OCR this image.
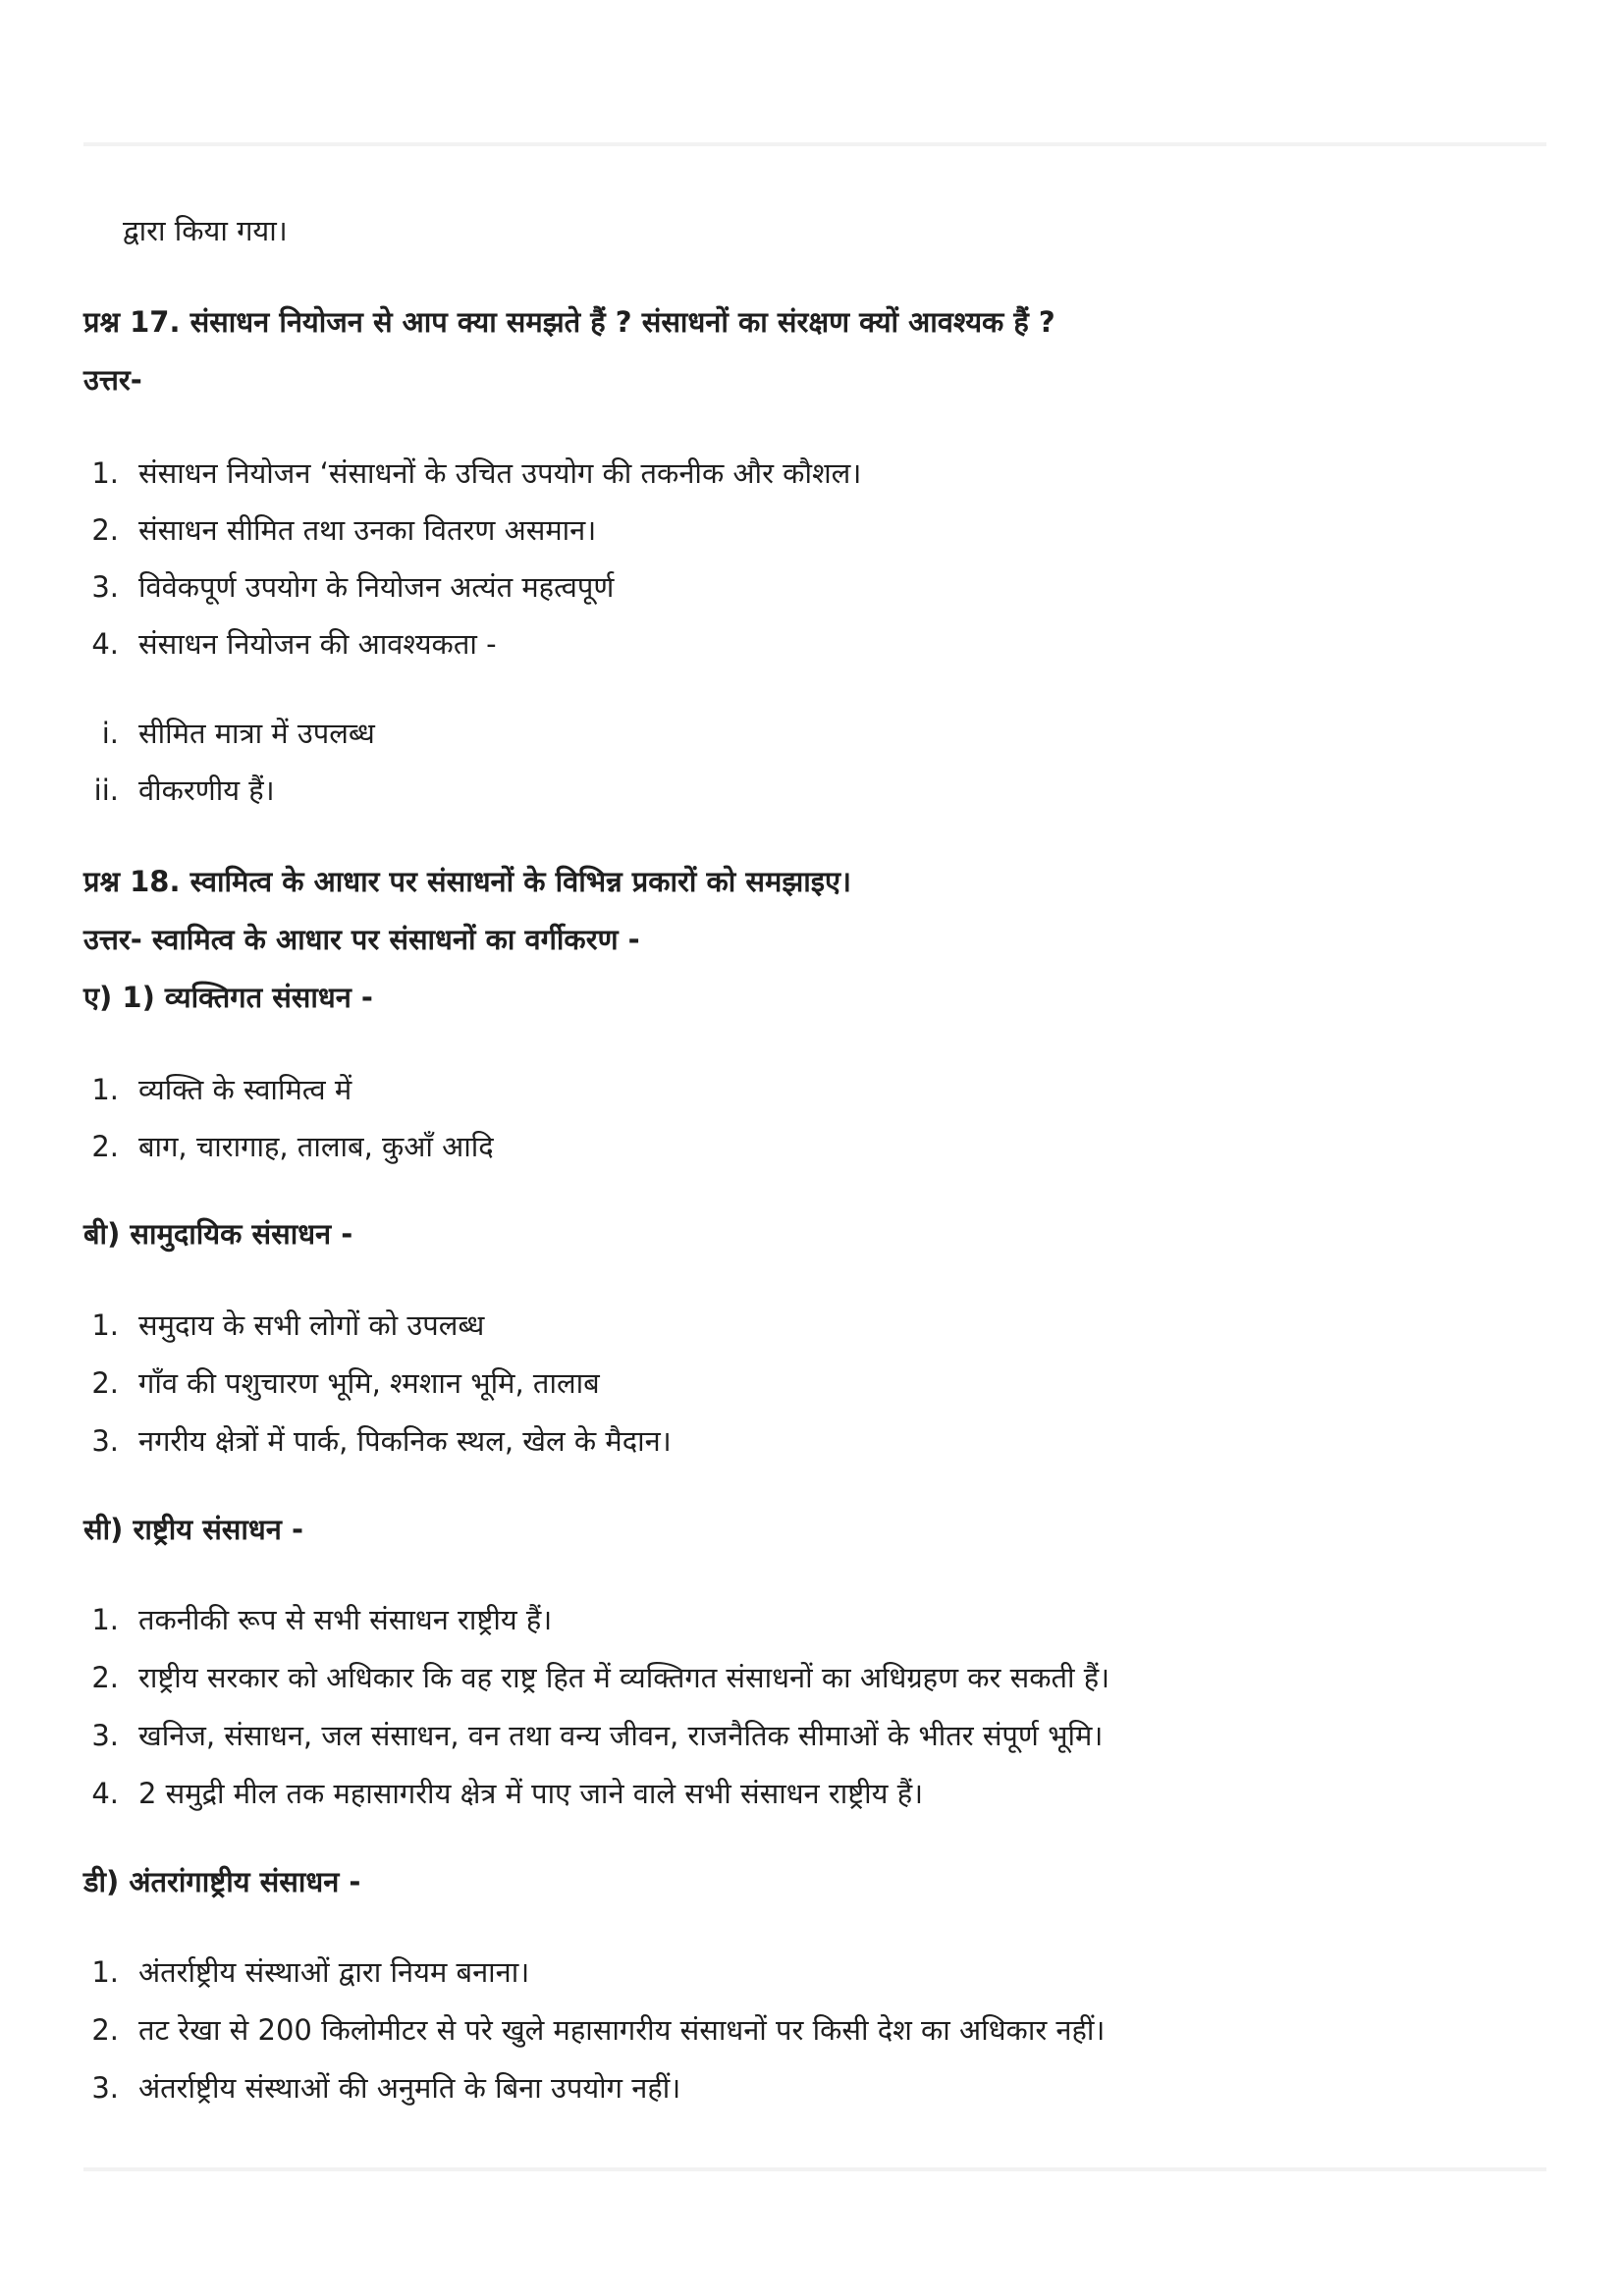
द्वारा किया गया।
प्रश्न 17. संसाधन नियोजन से आप क्या समझते हैं ? संसाधनों का संरक्षण क्यों आवश्यक हैं ?
उत्तर-
1. संसाधन नियोजन ‘संसाधनों के उचित उपयोग की तकनीक और कौशल।
2. संसाधन सीमित तथा उनका वितरण असमान।
3. विवेकपूर्ण उपयोग के नियोजन अत्यंत महत्वपूर्ण
4. संसाधन नियोजन की आवश्यकता -
i. सीमित मात्रा में उपलब्ध
ii. वीकरणीय हैं।
प्रश्न 18. स्वामित्व के आधार पर संसाधनों के विभिन्न प्रकारों को समझाइए।
उत्तर- स्वामित्व के आधार पर संसाधनों का वर्गीकरण -
ए) 1) व्यक्तिगत संसाधन -
1. व्यक्ति के स्वामित्व में
2. बाग, चारागाह, तालाब, कुआँ आदि
बी) सामुदायिक संसाधन -
1. समुदाय के सभी लोगों को उपलब्ध
2. गाँव की पशुचारण भूमि, श्मशान भूमि, तालाब
3. नगरीय क्षेत्रों में पार्क, पिकनिक स्थल, खेल के मैदान।
सी) राष्ट्रीय संसाधन -
1. तकनीकी रूप से सभी संसाधन राष्ट्रीय हैं।
2. राष्ट्रीय सरकार को अधिकार कि वह राष्ट्र हित में व्यक्तिगत संसाधनों का अधिग्रहण कर सकती हैं।
3. खनिज, संसाधन, जल संसाधन, वन तथा वन्य जीवन, राजनैतिक सीमाओं के भीतर संपूर्ण भूमि।
4. 2 समुद्री मील तक महासागरीय क्षेत्र में पाए जाने वाले सभी संसाधन राष्ट्रीय हैं।
डी) अंतरांगाष्ट्रीय संसाधन -
1. अंतर्राष्ट्रीय संस्थाओं द्वारा नियम बनाना।
2. तट रेखा से 200 किलोमीटर से परे खुले महासागरीय संसाधनों पर किसी देश का अधिकार नहीं।
3. अंतर्राष्ट्रीय संस्थाओं की अनुमति के बिना उपयोग नहीं।
